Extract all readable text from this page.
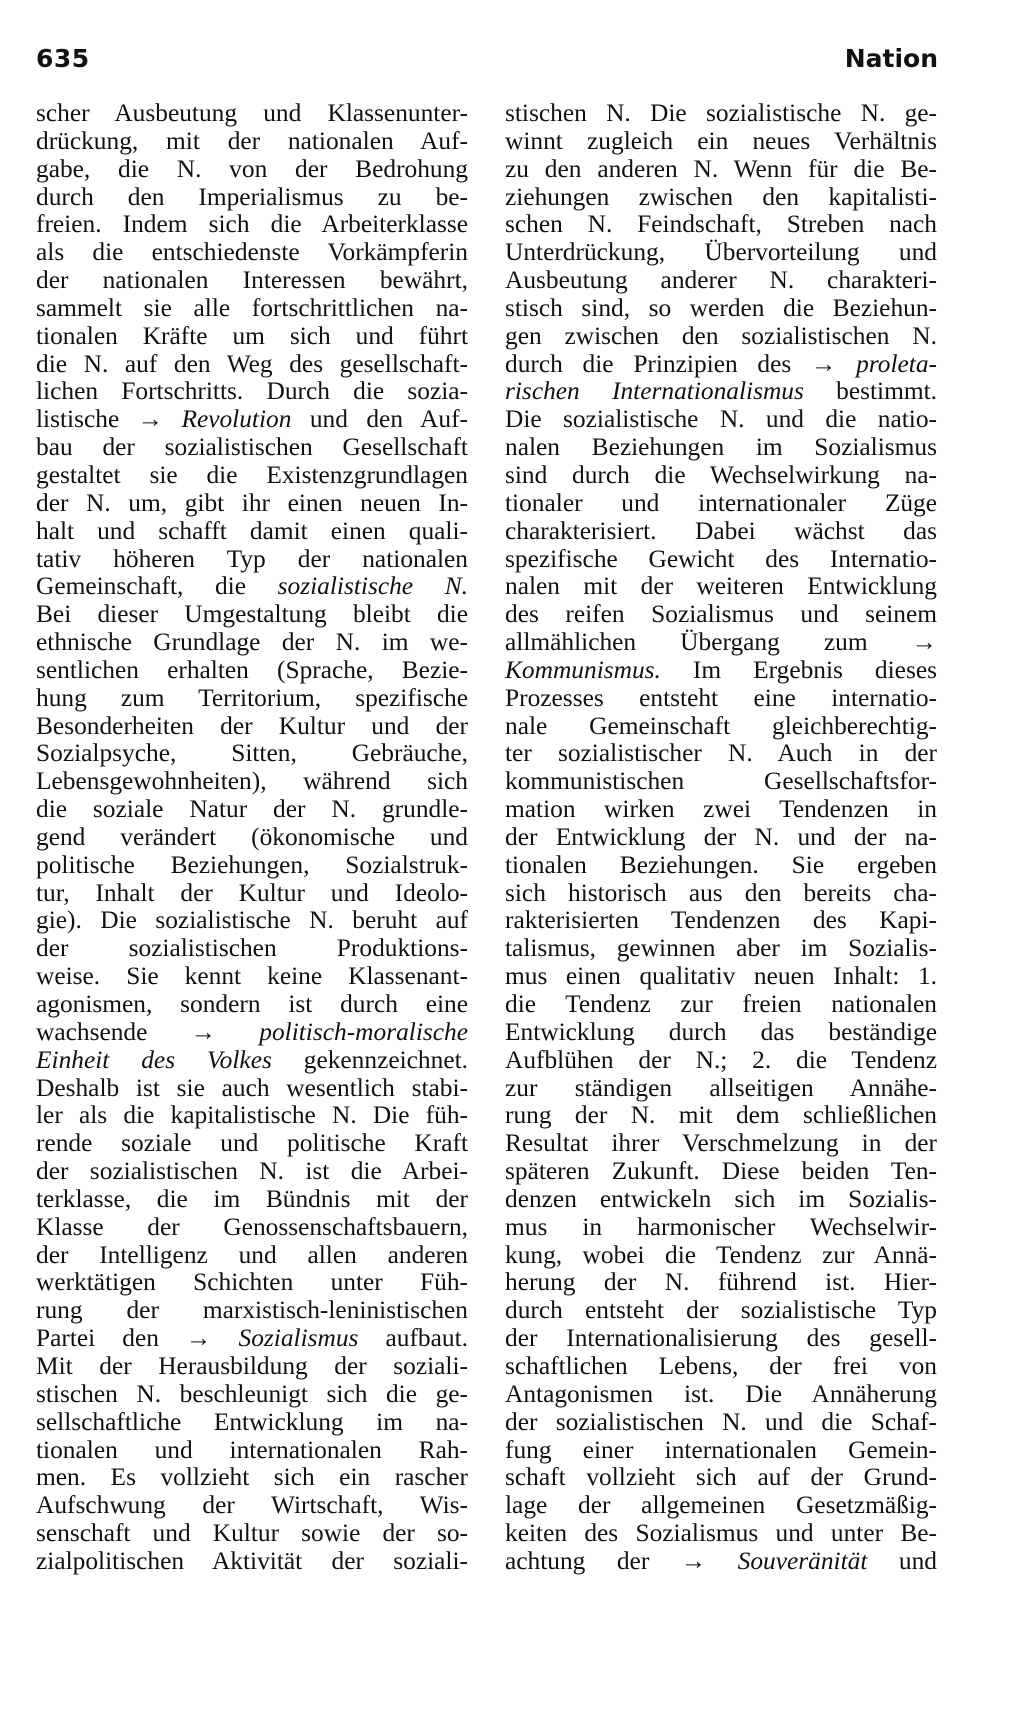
635	Nation
scher Ausbeutung und Klassenunter-
drückung, mit der nationalen Auf-
gabe, die N. von der Bedrohung
durch den Imperialismus zu be-
freien. Indem sich die Arbeiterklasse
als die entschiedenste Vorkämpferin
der nationalen Interessen bewährt,
sammelt sie alle fortschrittlichen na-
tionalen Kräfte um sich und führt
die N. auf den Weg des gesellschaft-
lichen Fortschritts. Durch die sozia-
listische → Revolution und den Auf-
bau der sozialistischen Gesellschaft
gestaltet sie die Existenzgrundlagen
der N. um, gibt ihr einen neuen In-
halt und schafft damit einen quali-
tativ höheren Typ der nationalen
Gemeinschaft, die sozialistische N.
Bei dieser Umgestaltung bleibt die
ethnische Grundlage der N. im we-
sentlichen erhalten (Sprache, Bezie-
hung zum Territorium, spezifische
Besonderheiten der Kultur und der
Sozialpsyche, Sitten, Gebräuche,
Lebensgewohnheiten), während sich
die soziale Natur der N. grundle-
gend verändert (ökonomische und
politische Beziehungen, Sozialstruk-
tur, Inhalt der Kultur und Ideolo-
gie). Die sozialistische N. beruht auf
der sozialistischen Produktions-
weise. Sie kennt keine Klassenant-
agonismen, sondern ist durch eine
wachsende → politisch-moralische
Einheit des Volkes gekennzeichnet.
Deshalb ist sie auch wesentlich stabi-
ler als die kapitalistische N. Die füh-
rende soziale und politische Kraft
der sozialistischen N. ist die Arbei-
terklasse, die im Bündnis mit der
Klasse der Genossenschaftsbauern,
der Intelligenz und allen anderen
werktätigen Schichten unter Füh-
rung der marxistisch-leninistischen
Partei den → Sozialismus aufbaut.
Mit der Herausbildung der soziali-
stischen N. beschleunigt sich die ge-
sellschaftliche Entwicklung im na-
tionalen und internationalen Rah-
men. Es vollzieht sich ein rascher
Aufschwung der Wirtschaft, Wis-
senschaft und Kultur sowie der so-
zialpolitischen Aktivität der soziali-
stischen N. Die sozialistische N. ge-
winnt zugleich ein neues Verhältnis
zu den anderen N. Wenn für die Be-
ziehungen zwischen den kapitalisti-
schen N. Feindschaft, Streben nach
Unterdrückung, Übervorteilung und
Ausbeutung anderer N. charakteri-
stisch sind, so werden die Beziehun-
gen zwischen den sozialistischen N.
durch die Prinzipien des → proleta-
rischen Internationalismus bestimmt.
Die sozialistische N. und die natio-
nalen Beziehungen im Sozialismus
sind durch die Wechselwirkung na-
tionaler und internationaler Züge
charakterisiert. Dabei wächst das
spezifische Gewicht des Internatio-
nalen mit der weiteren Entwicklung
des reifen Sozialismus und seinem
allmählichen Übergang zum →
Kommunismus. Im Ergebnis dieses
Prozesses entsteht eine internatio-
nale Gemeinschaft gleichberechtig-
ter sozialistischer N. Auch in der
kommunistischen Gesellschaftsfor-
mation wirken zwei Tendenzen in
der Entwicklung der N. und der na-
tionalen Beziehungen. Sie ergeben
sich historisch aus den bereits cha-
rakterisierten Tendenzen des Kapi-
talismus, gewinnen aber im Sozialis-
mus einen qualitativ neuen Inhalt: 1.
die Tendenz zur freien nationalen
Entwicklung durch das beständige
Aufblühen der N.; 2. die Tendenz
zur ständigen allseitigen Annähe-
rung der N. mit dem schließlichen
Resultat ihrer Verschmelzung in der
späteren Zukunft. Diese beiden Ten-
denzen entwickeln sich im Sozialis-
mus in harmonischer Wechselwir-
kung, wobei die Tendenz zur Annä-
herung der N. führend ist. Hier-
durch entsteht der sozialistische Typ
der Internationalisierung des gesell-
schaftlichen Lebens, der frei von
Antagonismen ist. Die Annäherung
der sozialistischen N. und die Schaf-
fung einer internationalen Gemein-
schaft vollzieht sich auf der Grund-
lage der allgemeinen Gesetzmäßig-
keiten des Sozialismus und unter Be-
achtung der → Souveränität und
